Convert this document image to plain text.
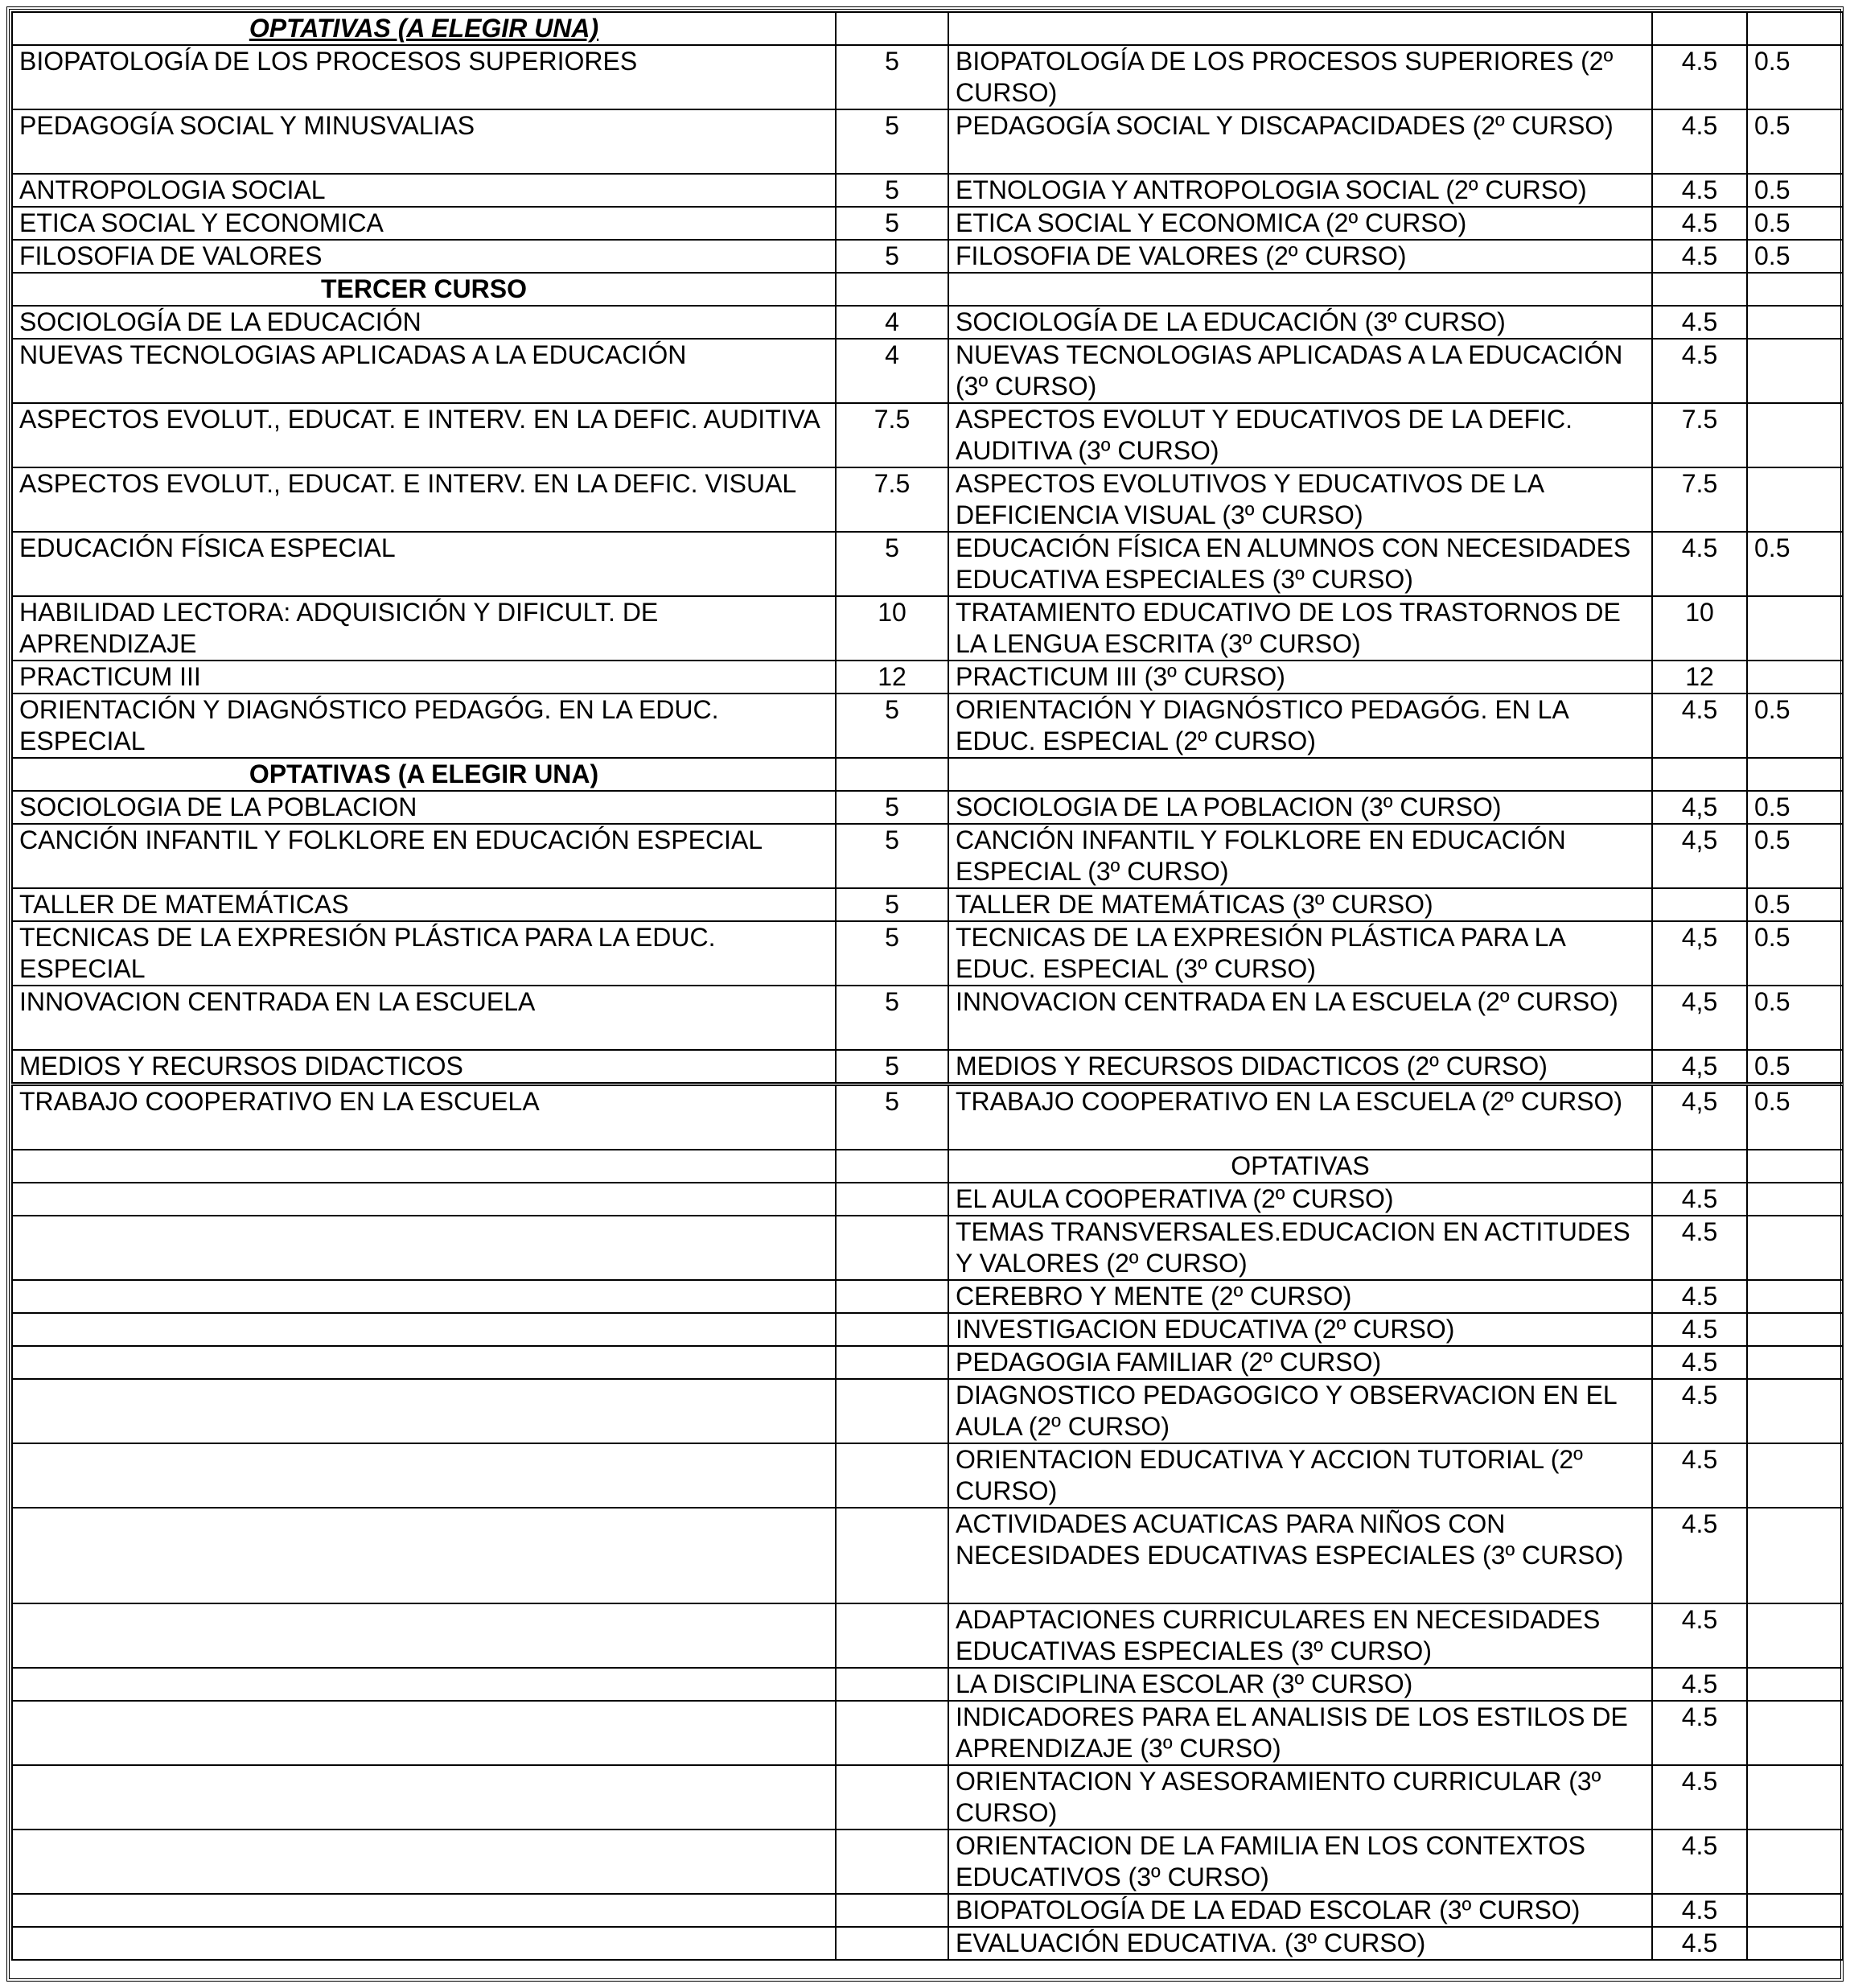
OPTATIVAS (A ELEGIR UNA)				
BIOPATOLOGÍA DE LOS PROCESOS SUPERIORES	5	BIOPATOLOGÍA DE LOS PROCESOS SUPERIORES (2º CURSO)	4.5	0.5
PEDAGOGÍA SOCIAL Y MINUSVALIAS	5	PEDAGOGÍA SOCIAL Y DISCAPACIDADES (2º CURSO)	4.5	0.5
ANTROPOLOGIA SOCIAL	5	ETNOLOGIA Y ANTROPOLOGIA SOCIAL (2º CURSO)	4.5	0.5
ETICA SOCIAL Y ECONOMICA	5	ETICA SOCIAL Y ECONOMICA (2º CURSO)	4.5	0.5
FILOSOFIA DE VALORES	5	FILOSOFIA DE VALORES (2º CURSO)	4.5	0.5
TERCER CURSO				
SOCIOLOGÍA DE LA EDUCACIÓN	4	SOCIOLOGÍA DE LA EDUCACIÓN (3º CURSO)	4.5	
NUEVAS TECNOLOGIAS APLICADAS A LA EDUCACIÓN	4	NUEVAS TECNOLOGIAS APLICADAS A LA EDUCACIÓN (3º CURSO)	4.5	
ASPECTOS EVOLUT., EDUCAT. E INTERV. EN LA DEFIC. AUDITIVA	7.5	ASPECTOS EVOLUT Y EDUCATIVOS DE LA DEFIC. AUDITIVA (3º CURSO)	7.5	
ASPECTOS EVOLUT., EDUCAT. E INTERV. EN LA DEFIC. VISUAL	7.5	ASPECTOS EVOLUTIVOS Y EDUCATIVOS DE LA DEFICIENCIA VISUAL (3º CURSO)	7.5	
EDUCACIÓN FÍSICA ESPECIAL	5	EDUCACIÓN FÍSICA EN ALUMNOS CON NECESIDADES EDUCATIVA ESPECIALES (3º CURSO)	4.5	0.5
HABILIDAD LECTORA: ADQUISICIÓN Y DIFICULT. DE APRENDIZAJE	10	TRATAMIENTO EDUCATIVO DE LOS TRASTORNOS DE LA LENGUA ESCRITA (3º CURSO)	10	
PRACTICUM III	12	PRACTICUM III (3º CURSO)	12	
ORIENTACIÓN Y DIAGNÓSTICO PEDAGÓG. EN LA EDUC. ESPECIAL	5	ORIENTACIÓN Y DIAGNÓSTICO PEDAGÓG. EN LA EDUC. ESPECIAL (2º CURSO)	4.5	0.5
OPTATIVAS (A ELEGIR UNA)				
SOCIOLOGIA DE LA POBLACION	5	SOCIOLOGIA DE LA POBLACION (3º CURSO)	4,5	0.5
CANCIÓN INFANTIL Y FOLKLORE EN EDUCACIÓN ESPECIAL	5	CANCIÓN INFANTIL Y FOLKLORE EN EDUCACIÓN ESPECIAL (3º CURSO)	4,5	0.5
TALLER DE MATEMÁTICAS	5	TALLER DE MATEMÁTICAS (3º CURSO)		0.5
TECNICAS DE LA EXPRESIÓN PLÁSTICA PARA LA EDUC. ESPECIAL	5	TECNICAS DE LA EXPRESIÓN PLÁSTICA PARA LA EDUC. ESPECIAL (3º CURSO)	4,5	0.5
INNOVACION CENTRADA EN LA ESCUELA	5	INNOVACION CENTRADA EN LA ESCUELA (2º CURSO)	4,5	0.5
MEDIOS Y RECURSOS DIDACTICOS	5	MEDIOS Y RECURSOS DIDACTICOS (2º CURSO)	4,5	0.5
TRABAJO COOPERATIVO EN LA ESCUELA	5	TRABAJO COOPERATIVO EN LA ESCUELA (2º CURSO)	4,5	0.5
		OPTATIVAS		
		EL AULA COOPERATIVA (2º CURSO)	4.5	
		TEMAS TRANSVERSALES.EDUCACION EN ACTITUDES Y VALORES (2º CURSO)	4.5	
		CEREBRO Y MENTE (2º CURSO)	4.5	
		INVESTIGACION EDUCATIVA (2º CURSO)	4.5	
		PEDAGOGIA FAMILIAR (2º CURSO)	4.5	
		DIAGNOSTICO PEDAGOGICO Y OBSERVACION EN EL AULA (2º CURSO)	4.5	
		ORIENTACION EDUCATIVA Y ACCION TUTORIAL (2º CURSO)	4.5	
		ACTIVIDADES ACUATICAS PARA NIÑOS CON NECESIDADES EDUCATIVAS ESPECIALES (3º CURSO)	4.5	
		ADAPTACIONES CURRICULARES EN NECESIDADES EDUCATIVAS ESPECIALES (3º CURSO)	4.5	
		LA DISCIPLINA ESCOLAR (3º CURSO)	4.5	
		INDICADORES PARA EL ANALISIS DE LOS ESTILOS DE APRENDIZAJE (3º CURSO)	4.5	
		ORIENTACION Y ASESORAMIENTO CURRICULAR (3º CURSO)	4.5	
		ORIENTACION DE LA FAMILIA EN LOS CONTEXTOS EDUCATIVOS (3º CURSO)	4.5	
		BIOPATOLOGÍA DE LA EDAD ESCOLAR (3º CURSO)	4.5	
		EVALUACIÓN EDUCATIVA. (3º CURSO)	4.5	
